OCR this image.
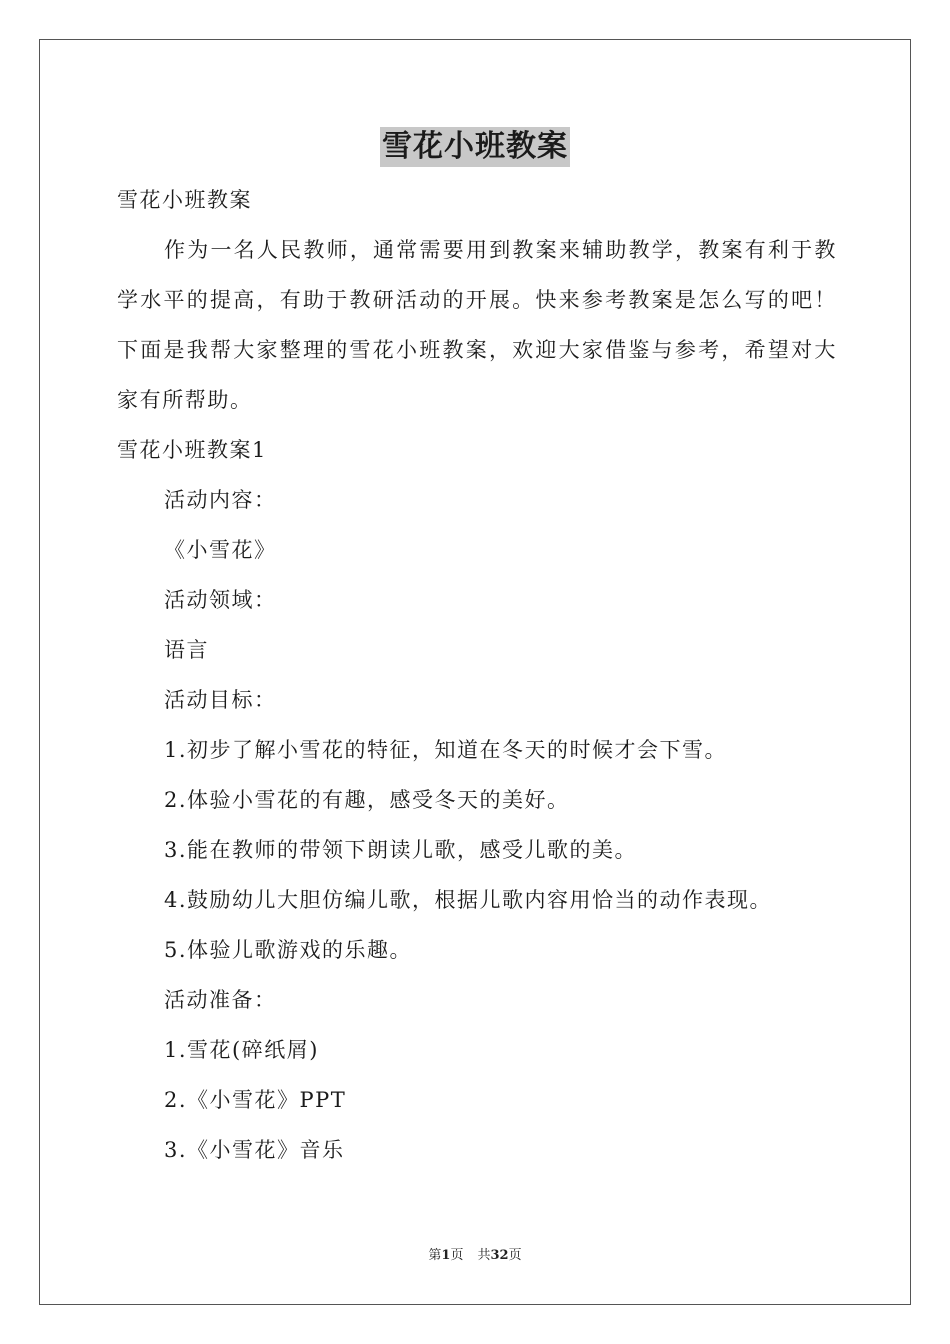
雪花小班教案
雪花小班教案
作为一名人民教师，通常需要用到教案来辅助教学，教案有利于教学水平的提高，有助于教研活动的开展。快来参考教案是怎么写的吧！下面是我帮大家整理的雪花小班教案，欢迎大家借鉴与参考，希望对大家有所帮助。
雪花小班教案1
活动内容：
《小雪花》
活动领域：
语言
活动目标：
1.初步了解小雪花的特征，知道在冬天的时候才会下雪。
2.体验小雪花的有趣，感受冬天的美好。
3.能在教师的带领下朗读儿歌，感受儿歌的美。
4.鼓励幼儿大胆仿编儿歌，根据儿歌内容用恰当的动作表现。
5.体验儿歌游戏的乐趣。
活动准备：
1.雪花(碎纸屑)
2.《小雪花》PPT
3.《小雪花》音乐
第1页 共32页
